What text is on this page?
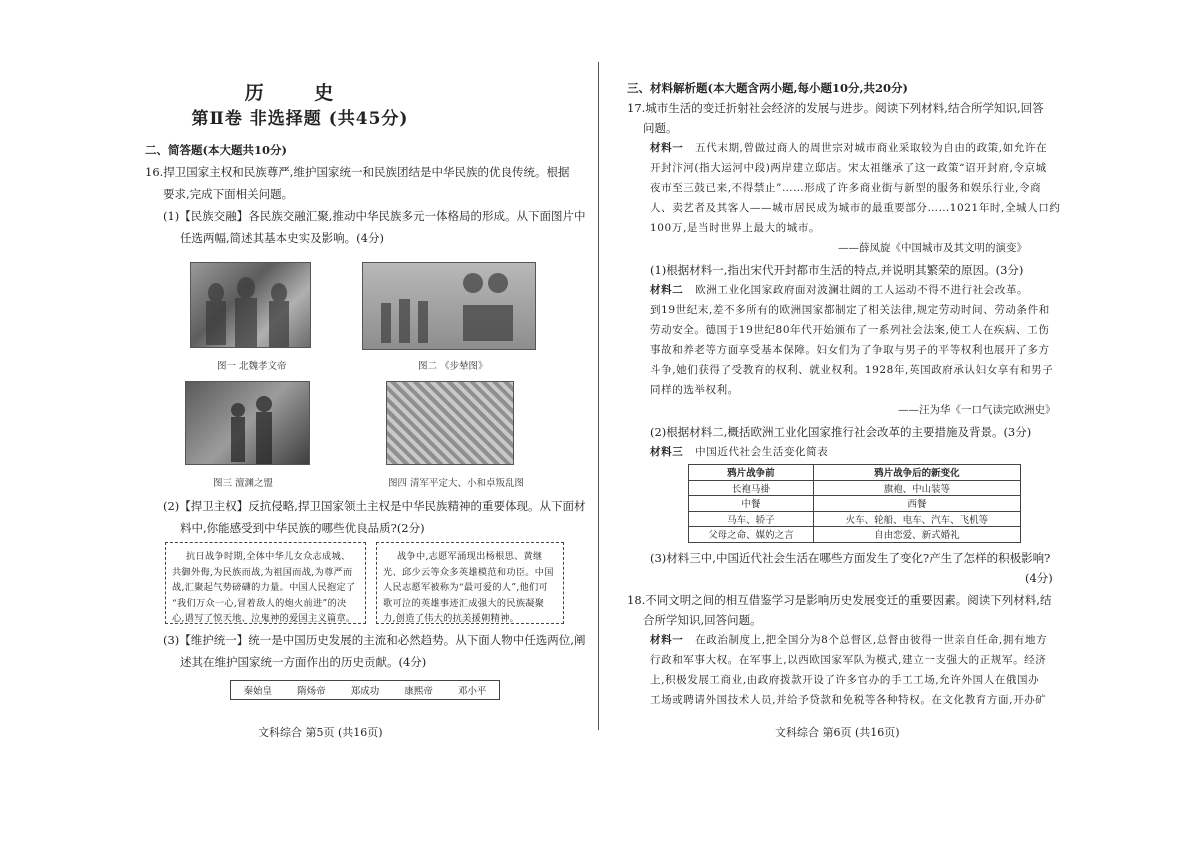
历 史
第Ⅱ卷 非选择题 (共45分)
二、简答题(本大题共10分)
16.捍卫国家主权和民族尊严,维护国家统一和民族团结是中华民族的优良传统。根据
要求,完成下面相关问题。
(1)【民族交融】各民族交融汇聚,推动中华民族多元一体格局的形成。从下面图片中
任选两幅,简述其基本史实及影响。(4分)
图一 北魏孝文帝	图二 《步辇图》
图三 澶渊之盟	图四 清军平定大、小和卓叛乱图
(2)【捍卫主权】反抗侵略,捍卫国家领土主权是中华民族精神的重要体现。从下面材
料中,你能感受到中华民族的哪些优良品质?(2分)
抗日战争时期,全体中华儿女众志成城、
共御外侮,为民族而战,为祖国而战,为尊严而
战,汇聚起气势磅礴的力量。中国人民抱定了
“我们万众一心,冒着敌人的炮火前进”的决
心,谱写了惊天地、泣鬼神的爱国主义篇章。
战争中,志愿军涌现出杨根思、黄继
光、邱少云等众多英雄模范和功臣。中国
人民志愿军被称为“最可爱的人”,他们可
歌可泣的英雄事迹汇成强大的民族凝聚
力,创造了伟大的抗美援朝精神。
(3)【维护统一】统一是中国历史发展的主流和必然趋势。从下面人物中任选两位,阐
述其在维护国家统一方面作出的历史贡献。(4分)
秦始皇	隋炀帝	郑成功	康熙帝	邓小平
文科综合 第5页 (共16页)
三、材料解析题(本大题含两小题,每小题10分,共20分)
17.城市生活的变迁折射社会经济的发展与进步。阅读下列材料,结合所学知识,回答
问题。
材料一 五代末期,曾做过商人的周世宗对城市商业采取较为自由的政策,如允许在
开封汴河(指大运河中段)两岸建立邸店。宋太祖继承了这一政策“诏开封府,令京城
夜市至三鼓已来,不得禁止”……形成了许多商业街与新型的服务和娱乐行业,令商
人、卖艺者及其客人——城市居民成为城市的最重要部分……1021年时,全城人口约
100万,是当时世界上最大的城市。
——薛凤旋《中国城市及其文明的演变》
(1)根据材料一,指出宋代开封都市生活的特点,并说明其繁荣的原因。(3分)
材料二 欧洲工业化国家政府面对波澜壮阔的工人运动不得不进行社会改革。
到19世纪末,差不多所有的欧洲国家都制定了相关法律,规定劳动时间、劳动条件和
劳动安全。德国于19世纪80年代开始颁布了一系列社会法案,使工人在疾病、工伤
事故和养老等方面享受基本保障。妇女们为了争取与男子的平等权利也展开了多方
斗争,她们获得了受教育的权利、就业权利。1928年,英国政府承认妇女享有和男子
同样的选举权利。
——汪为华《一口气读完欧洲史》
(2)根据材料二,概括欧洲工业化国家推行社会改革的主要措施及背景。(3分)
材料三 中国近代社会生活变化简表
鸦片战争前	鸦片战争后的新变化
长袍马褂	旗袍、中山装等
中餐	西餐
马车、轿子	火车、轮船、电车、汽车、飞机等
父母之命、媒妁之言	自由恋爱、新式婚礼
(3)材料三中,中国近代社会生活在哪些方面发生了变化?产生了怎样的积极影响?
(4分)
18.不同文明之间的相互借鉴学习是影响历史发展变迁的重要因素。阅读下列材料,结
合所学知识,回答问题。
材料一 在政治制度上,把全国分为8个总督区,总督由彼得一世亲自任命,拥有地方
行政和军事大权。在军事上,以西欧国家军队为模式,建立一支强大的正规军。经济
上,积极发展工商业,由政府拨款开设了许多官办的手工工场,允许外国人在俄国办
工场或聘请外国技术人员,并给予贷款和免税等各种特权。在文化教育方面,开办矿
文科综合 第6页 (共16页)
